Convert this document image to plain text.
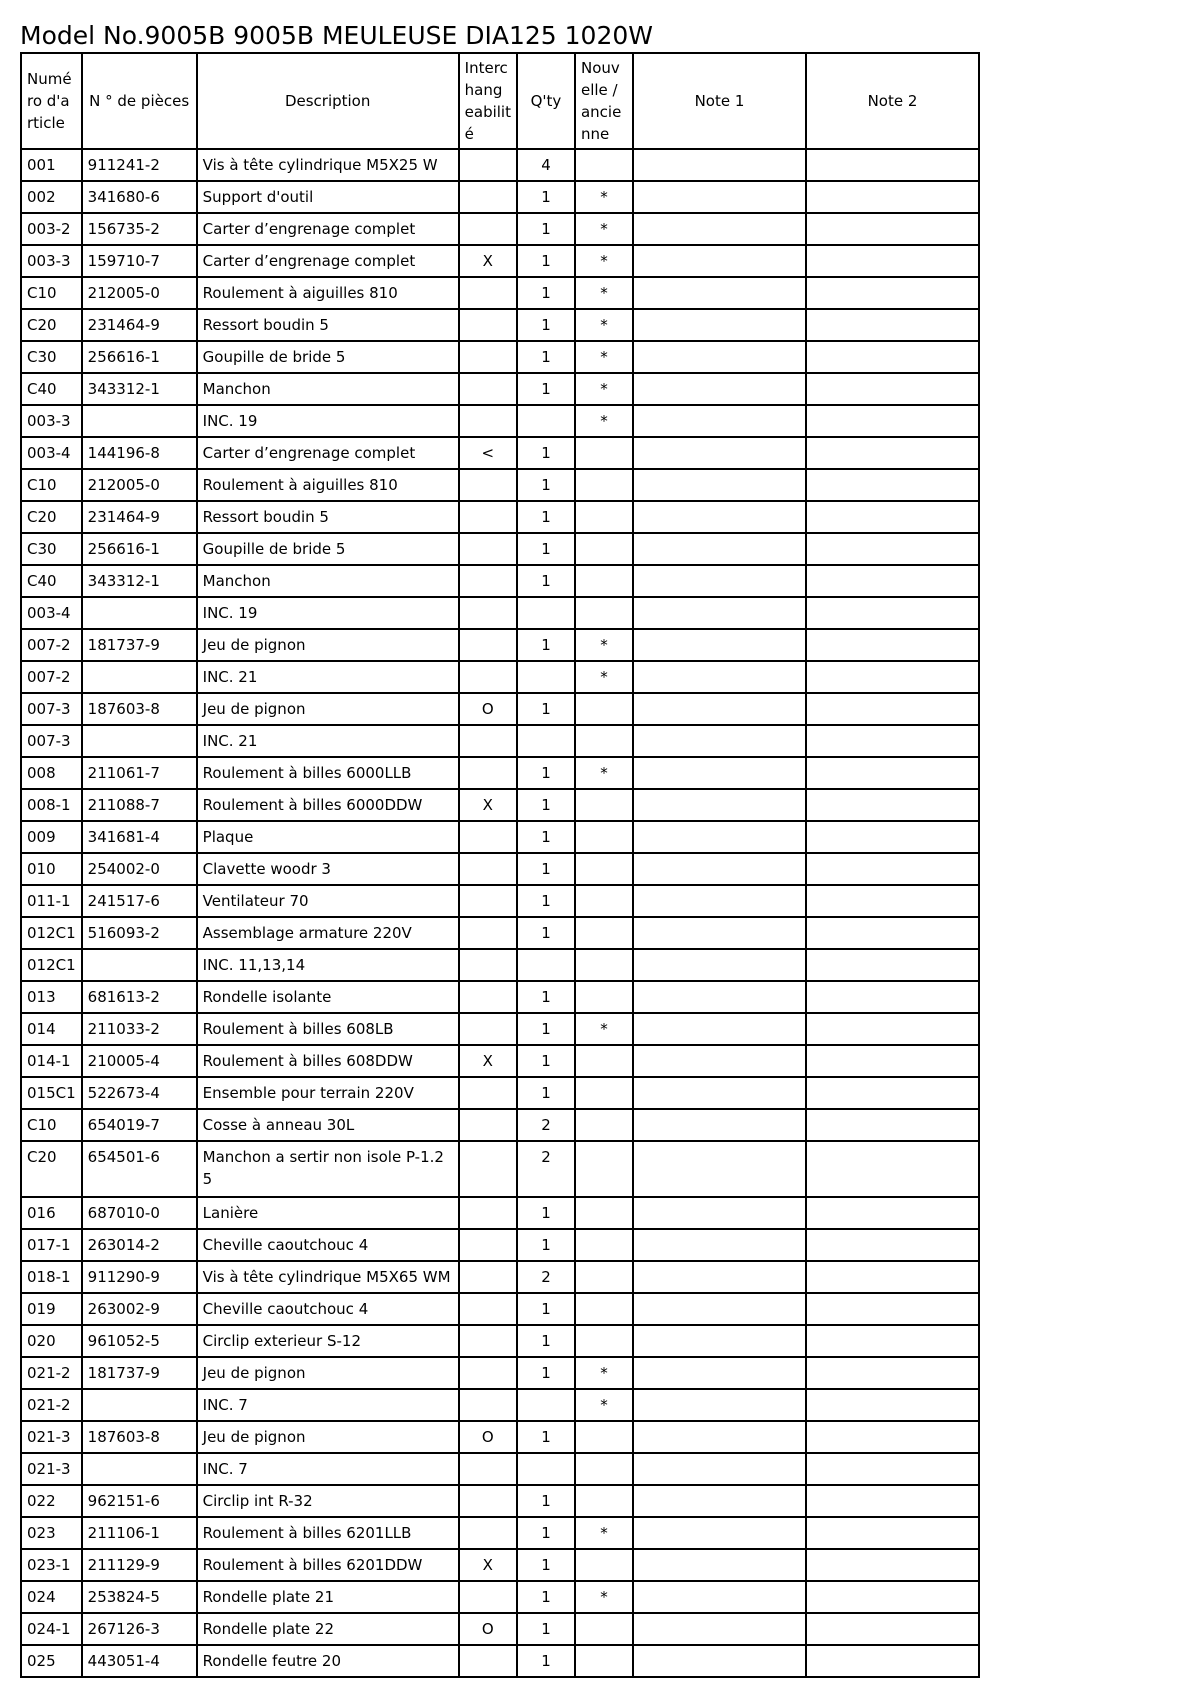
Model No.9005B 9005B MEULEUSE DIA125 1020W
Numé ro d'a rticle	N ° de pièces	Description	Interc hang eabilit é	Q'ty	Nouv elle / ancie nne	Note 1	Note 2
001	911241-2	Vis à tête cylindrique M5X25 W		4			
002	341680-6	Support d'outil		1	*		
003-2	156735-2	Carter d’engrenage complet		1	*		
003-3	159710-7	Carter d’engrenage complet	X	1	*		
C10	212005-0	Roulement à aiguilles 810		1	*		
C20	231464-9	Ressort boudin 5		1	*		
C30	256616-1	Goupille de bride 5		1	*		
C40	343312-1	Manchon		1	*		
003-3		INC. 19			*		
003-4	144196-8	Carter d’engrenage complet	<	1			
C10	212005-0	Roulement à aiguilles 810		1			
C20	231464-9	Ressort boudin 5		1			
C30	256616-1	Goupille de bride 5		1			
C40	343312-1	Manchon		1			
003-4		INC. 19					
007-2	181737-9	Jeu de pignon		1	*		
007-2		INC. 21			*		
007-3	187603-8	Jeu de pignon	O	1			
007-3		INC. 21					
008	211061-7	Roulement à billes 6000LLB		1	*		
008-1	211088-7	Roulement à billes 6000DDW	X	1			
009	341681-4	Plaque		1			
010	254002-0	Clavette woodr 3		1			
011-1	241517-6	Ventilateur 70		1			
012C1	516093-2	Assemblage armature 220V		1			
012C1		INC. 11,13,14					
013	681613-2	Rondelle isolante		1			
014	211033-2	Roulement à billes 608LB		1	*		
014-1	210005-4	Roulement à billes 608DDW	X	1			
015C1	522673-4	Ensemble pour terrain 220V		1			
C10	654019-7	Cosse à anneau 30L		2			
C20	654501-6	Manchon a sertir non isole P-1.2 5		2			
016	687010-0	Lanière		1			
017-1	263014-2	Cheville caoutchouc 4		1			
018-1	911290-9	Vis à tête cylindrique M5X65 WM		2			
019	263002-9	Cheville caoutchouc 4		1			
020	961052-5	Circlip exterieur S-12		1			
021-2	181737-9	Jeu de pignon		1	*		
021-2		INC. 7			*		
021-3	187603-8	Jeu de pignon	O	1			
021-3		INC. 7					
022	962151-6	Circlip int R-32		1			
023	211106-1	Roulement à billes 6201LLB		1	*		
023-1	211129-9	Roulement à billes 6201DDW	X	1			
024	253824-5	Rondelle plate 21		1	*		
024-1	267126-3	Rondelle plate 22	O	1			
025	443051-4	Rondelle feutre 20		1			
